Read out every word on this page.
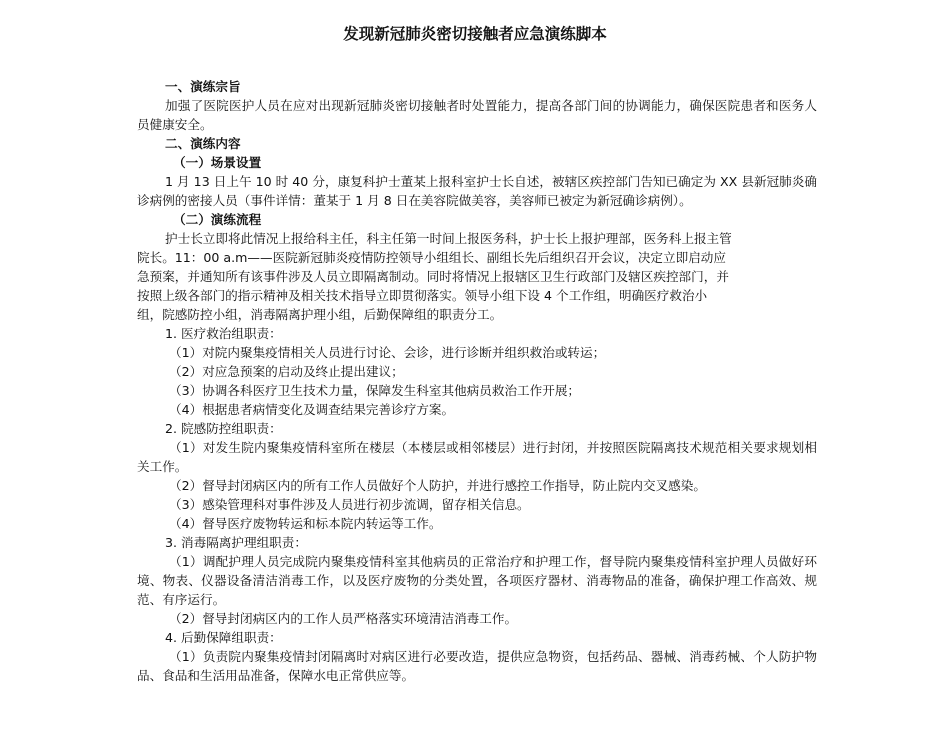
发现新冠肺炎密切接触者应急演练脚本

一、演练宗旨

加强了医院医护人员在应对出现新冠肺炎密切接触者时处置能力，提高各部门间的协调能力，确保医院患者和医务人员健康安全。

二、演练内容

（一）场景设置

1 月 13 日上午 10 时 40 分，康复科护士董某上报科室护士长自述，被辖区疾控部门告知已确定为 XX 县新冠肺炎确诊病例的密接人员（事件详情：董某于 1 月 8 日在美容院做美容，美容师已被定为新冠确诊病例）。

（二）演练流程

护士长立即将此情况上报给科主任，科主任第一时间上报医务科，护士长上报护理部，医务科上报主管
院长。11：00 a.m——医院新冠肺炎疫情防控领导小组组长、副组长先后组织召开会议，决定立即启动应
急预案，并通知所有该事件涉及人员立即隔离制动。同时将情况上报辖区卫生行政部门及辖区疾控部门，并
按照上级各部门的指示精神及相关技术指导立即贯彻落实。领导小组下设 4 个工作组，明确医疗救治小
组，院感防控小组，消毒隔离护理小组，后勤保障组的职责分工。

1. 医疗救治组职责：

（1）对院内聚集疫情相关人员进行讨论、会诊，进行诊断并组织救治或转运；

（2）对应急预案的启动及终止提出建议；

（3）协调各科医疗卫生技术力量，保障发生科室其他病员救治工作开展；

（4）根据患者病情变化及调查结果完善诊疗方案。

2. 院感防控组职责：

（1）对发生院内聚集疫情科室所在楼层（本楼层或相邻楼层）进行封闭，并按照医院隔离技术规范相关要求规划相关工作。

（2）督导封闭病区内的所有工作人员做好个人防护，并进行感控工作指导，防止院内交叉感染。

（3）感染管理科对事件涉及人员进行初步流调，留存相关信息。

（4）督导医疗废物转运和标本院内转运等工作。

3. 消毒隔离护理组职责：

（1）调配护理人员完成院内聚集疫情科室其他病员的正常治疗和护理工作，督导院内聚集疫情科室护理人员做好环境、物表、仪器设备清洁消毒工作，以及医疗废物的分类处置，各项医疗器材、消毒物品的准备，确保护理工作高效、规范、有序运行。

（2）督导封闭病区内的工作人员严格落实环境清洁消毒工作。

4. 后勤保障组职责：

（1）负责院内聚集疫情封闭隔离时对病区进行必要改造，提供应急物资，包括药品、器械、消毒药械、个人防护物品、食品和生活用品准备，保障水电正常供应等。
